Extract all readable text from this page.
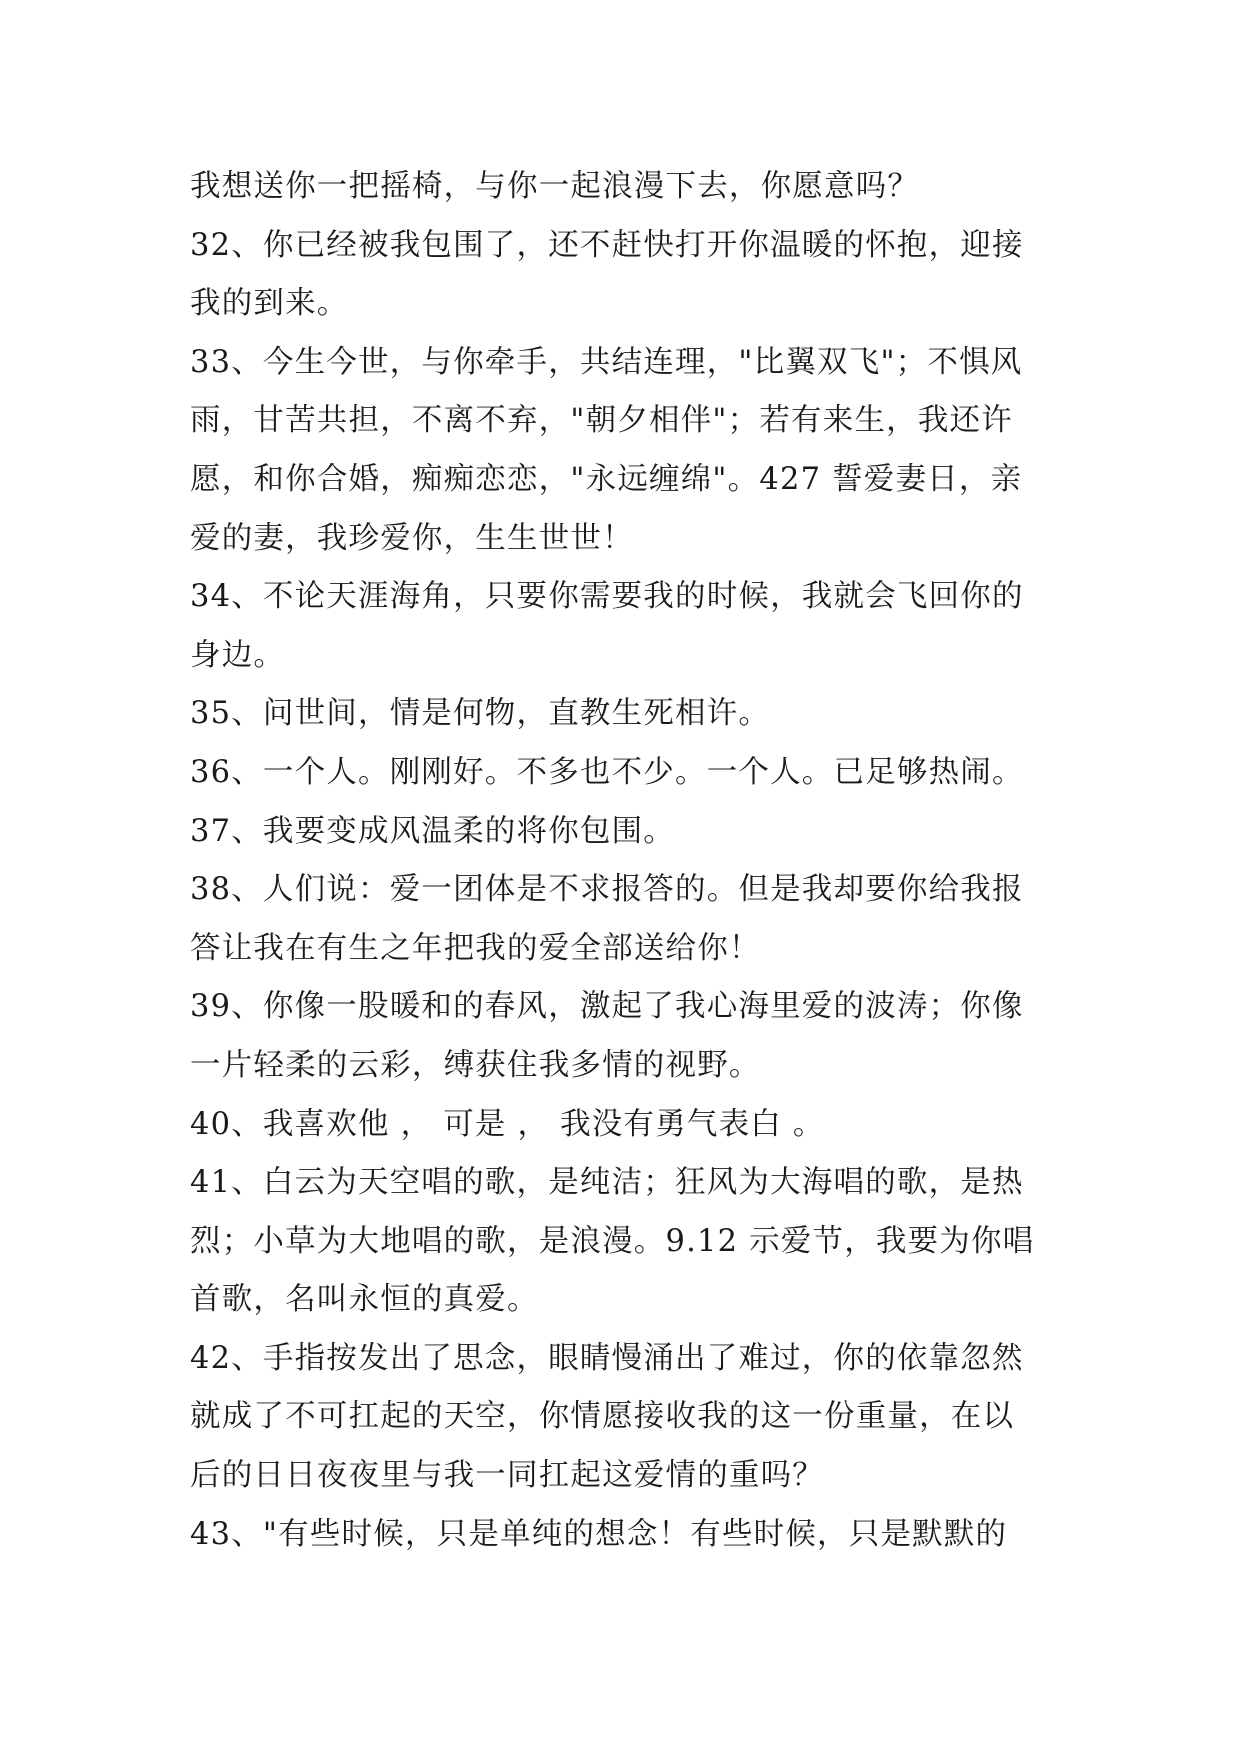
我想送你一把摇椅，与你一起浪漫下去，你愿意吗？
32、你已经被我包围了，还不赶快打开你温暖的怀抱，迎接
我的到来。
33、今生今世，与你牵手，共结连理，"比翼双飞"；不惧风
雨，甘苦共担，不离不弃，"朝夕相伴"；若有来生，我还许
愿，和你合婚，痴痴恋恋，"永远缠绵"。427 誓爱妻日，亲
爱的妻，我珍爱你，生生世世！
34、不论天涯海角，只要你需要我的时候，我就会飞回你的
身边。
35、问世间，情是何物，直教生死相许。
36、一个人。刚刚好。不多也不少。一个人。已足够热闹。
37、我要变成风温柔的将你包围。
38、人们说：爱一团体是不求报答的。但是我却要你给我报
答让我在有生之年把我的爱全部送给你！
39、你像一股暖和的春风，激起了我心海里爱的波涛；你像
一片轻柔的云彩，缚获住我多情的视野。
40、我喜欢他 ， 可是 ， 我没有勇气表白 。
41、白云为天空唱的歌，是纯洁；狂风为大海唱的歌，是热
烈；小草为大地唱的歌，是浪漫。9.12 示爱节，我要为你唱
首歌，名叫永恒的真爱。
42、手指按发出了思念，眼睛慢涌出了难过，你的依靠忽然
就成了不可扛起的天空，你情愿接收我的这一份重量，在以
后的日日夜夜里与我一同扛起这爱情的重吗？
43、"有些时候，只是单纯的想念！有些时候，只是默默的
